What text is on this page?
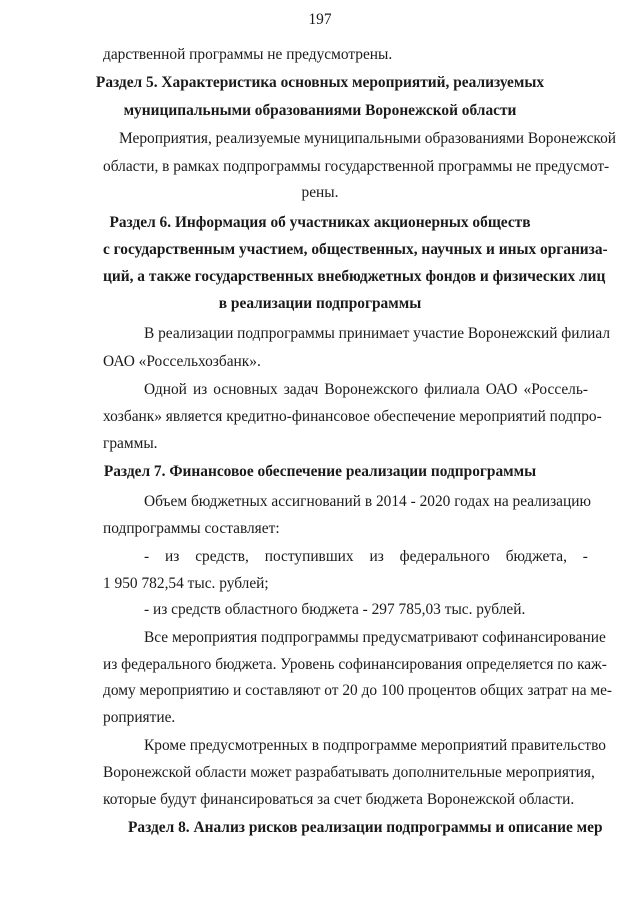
197
дарственной программы не предусмотрены.
Раздел 5. Характеристика основных мероприятий, реализуемых
муниципальными образованиями Воронежской области
Мероприятия, реализуемые муниципальными образованиями Воронежской
области, в рамках подпрограммы государственной программы не предусмот-
рены.
Раздел 6. Информация об участниках акционерных обществ
с государственным участием, общественных, научных и иных организа-
ций, а также государственных внебюджетных фондов и физических лиц
в реализации подпрограммы
В реализации подпрограммы принимает участие Воронежский филиал
ОАО «Россельхозбанк».
Одной из основных задач Воронежского филиала ОАО «Россель-
хозбанк» является кредитно-финансовое обеспечение мероприятий подпро-
граммы.
Раздел 7. Финансовое обеспечение реализации подпрограммы
Объем бюджетных ассигнований в 2014 - 2020 годах на реализацию
подпрограммы составляет:
- из средств, поступивших из федерального бюджета, -
1 950 782,54 тыс. рублей;
- из средств областного бюджета - 297 785,03 тыс. рублей.
Все мероприятия подпрограммы предусматривают софинансирование
из федерального бюджета. Уровень софинансирования определяется по каж-
дому мероприятию и составляют от 20 до 100 процентов общих затрат на ме-
роприятие.
Кроме предусмотренных в подпрограмме мероприятий правительство
Воронежской области может разрабатывать дополнительные мероприятия,
которые будут финансироваться за счет бюджета Воронежской области.
Раздел 8. Анализ рисков реализации подпрограммы и описание мер
